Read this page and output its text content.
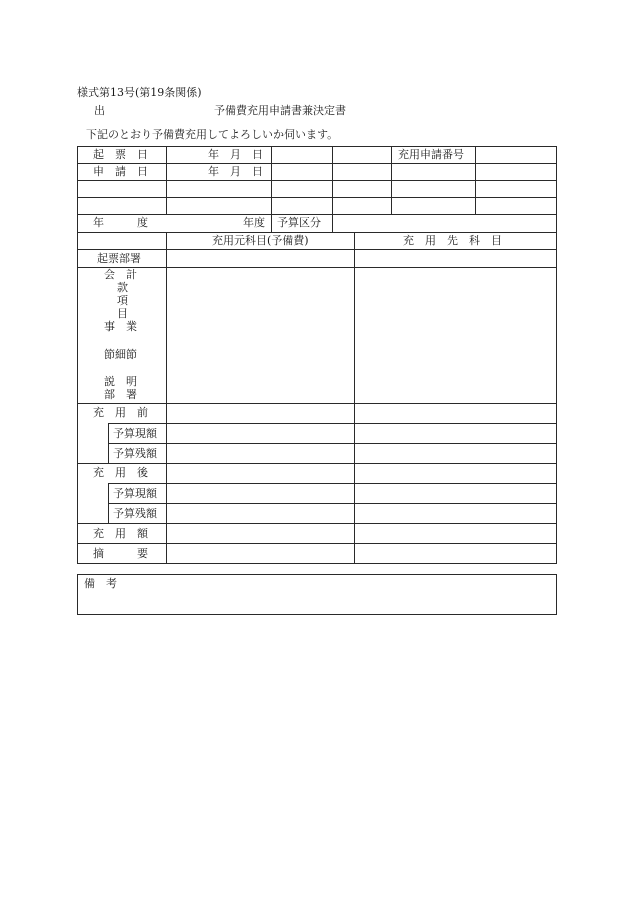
様式第13号(第19条関係)
出	予備費充用申請書兼決定書
下記のとおり予備費充用してよろしいか伺います。
起　票　日	年　月　日	充用申請番号
申　請　日	年　月　日
年　　　度	年度 予算区分
充用元科目(予備費)	充　用　先　科　目
起票部署
会　計
款
項
目
事　業
節細節
説　明
部　署
充　用　前
予算現額
予算残額
充　用　後
予算現額
予算残額
充　用　額
摘　　　要
備　考
